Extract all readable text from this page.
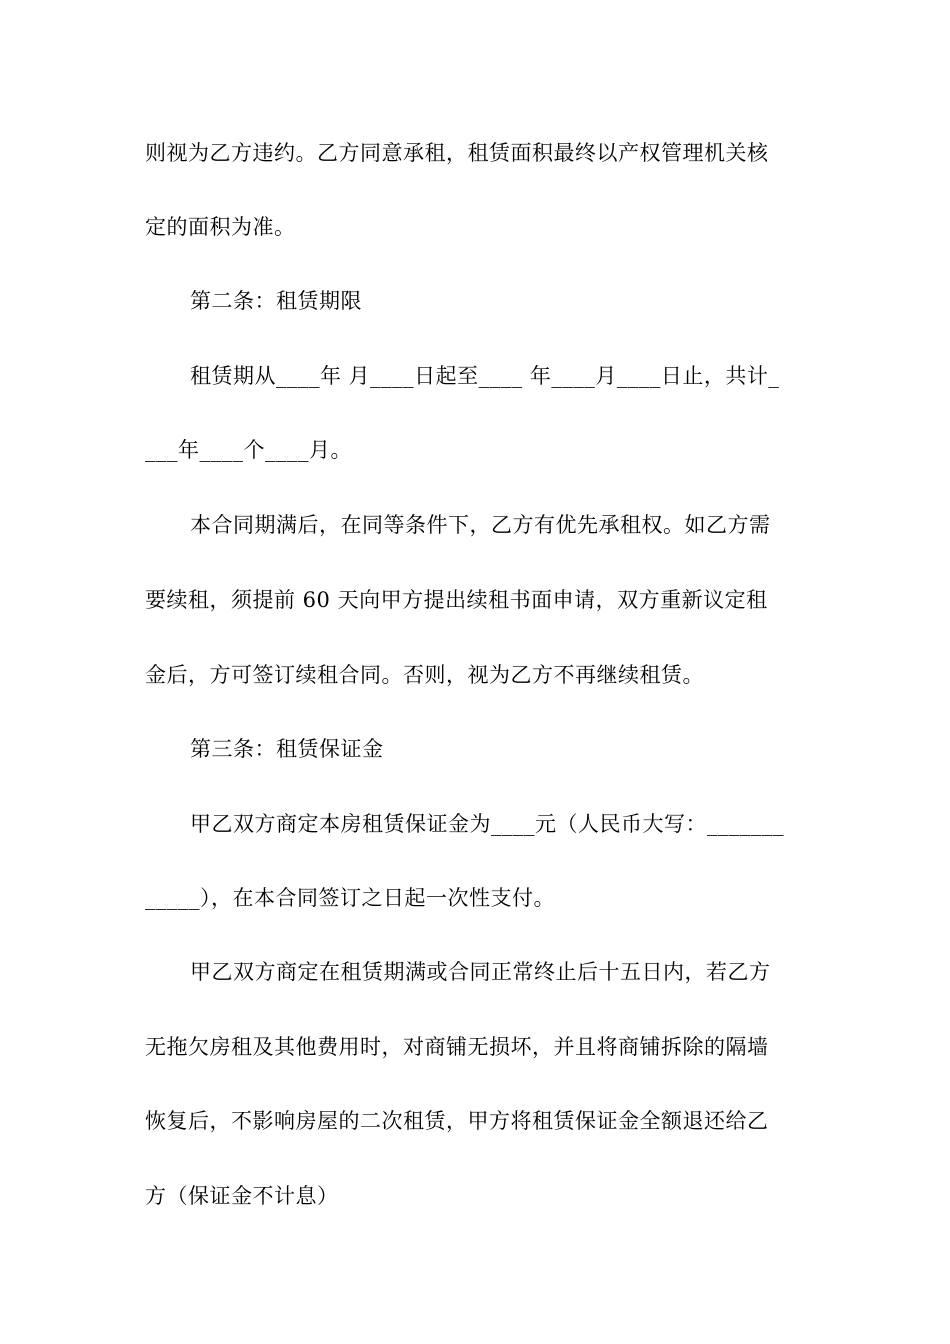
则视为乙方违约。乙方同意承租，租赁面积最终以产权管理机关核
定的面积为准。
第二条：租赁期限
租赁期从____年 月____日起至____ 年____月____日止，共计_
___年____个____月。
本合同期满后，在同等条件下，乙方有优先承租权。如乙方需
要续租，须提前 60 天向甲方提出续租书面申请，双方重新议定租
金后，方可签订续租合同。否则，视为乙方不再继续租赁。
第三条：租赁保证金
甲乙双方商定本房租赁保证金为____元（人民币大写：_______
_____），在本合同签订之日起一次性支付。
甲乙双方商定在租赁期满或合同正常终止后十五日内，若乙方
无拖欠房租及其他费用时，对商铺无损坏，并且将商铺拆除的隔墙
恢复后，不影响房屋的二次租赁，甲方将租赁保证金全额退还给乙
方（保证金不计息）
